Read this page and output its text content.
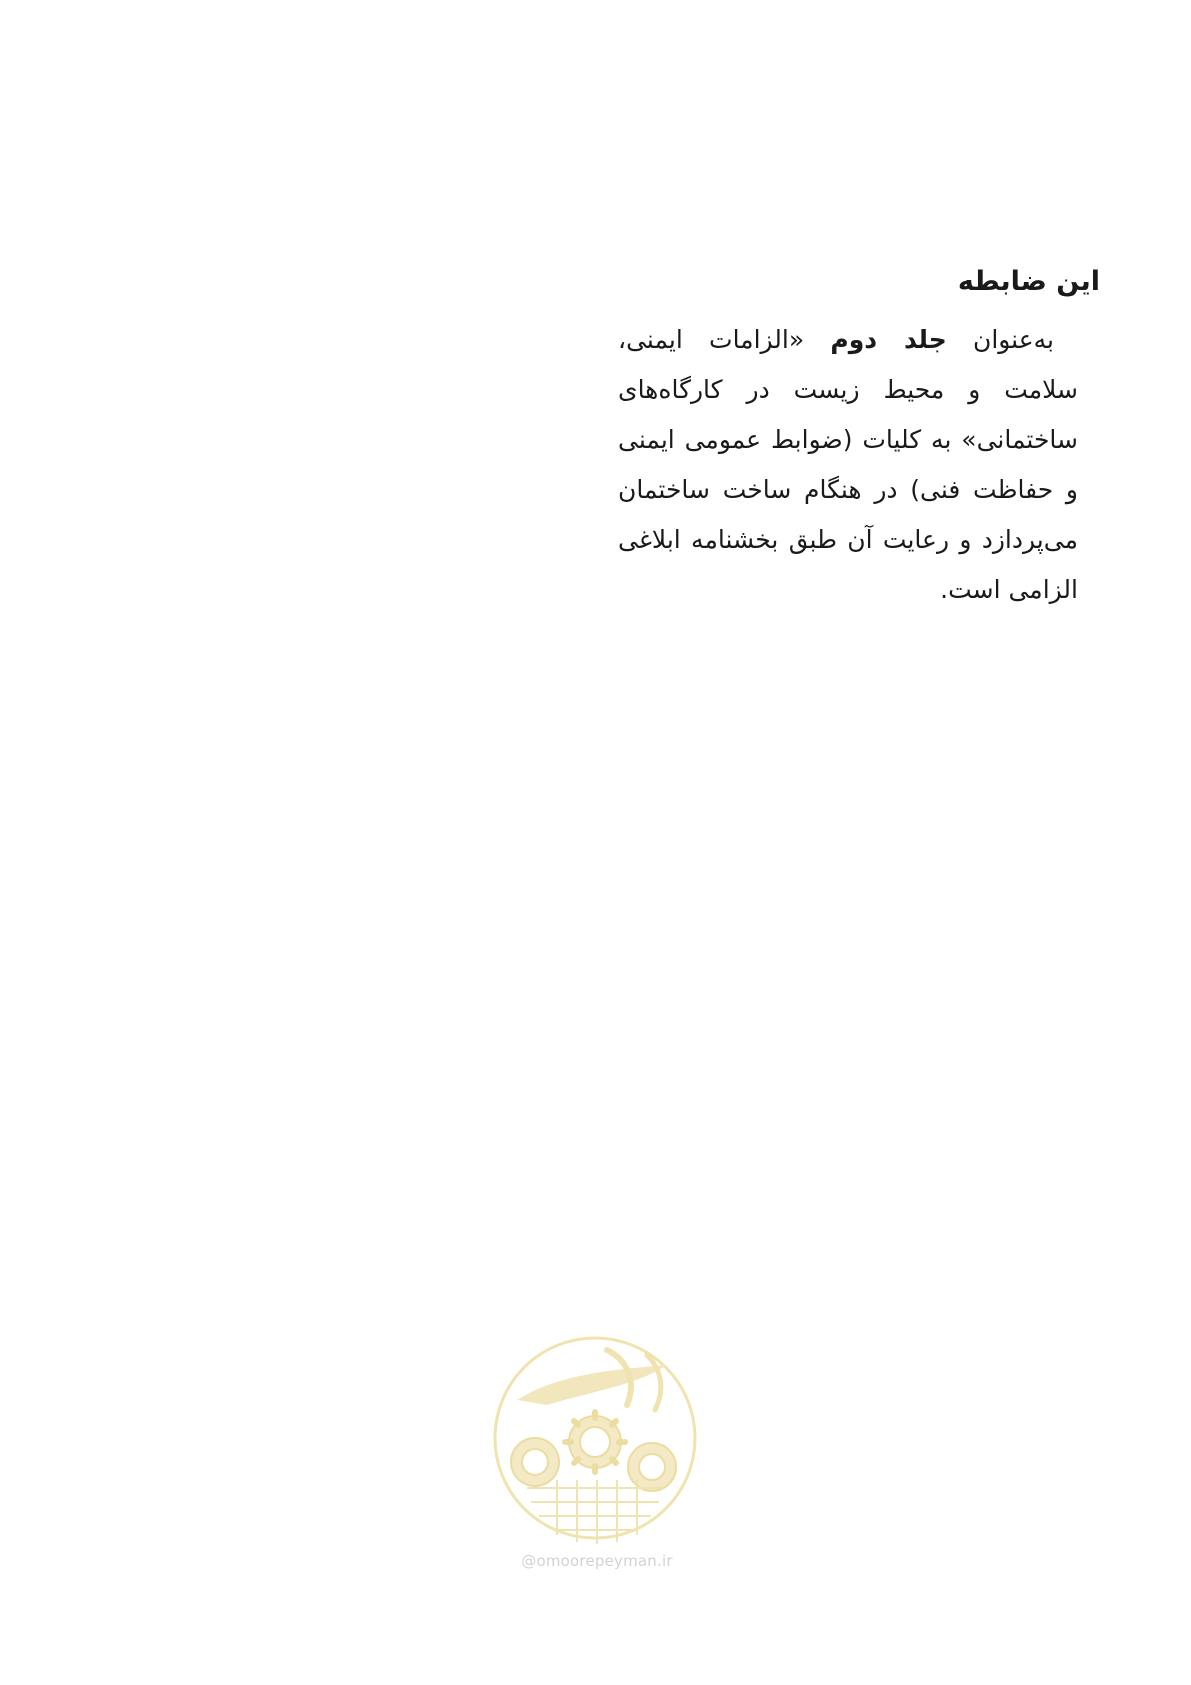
این ضابطه

به‌عنوان جلد دوم «الزامات ایمنی، سلامت و محیط زیست در کارگاه‌های ساختمانی» به کلیات (ضوابط عمومی ایمنی و حفاظت فنی) در هنگام ساخت ساختمان می‌پردازد و رعایت آن طبق بخشنامه ابلاغی الزامی است.

@omoorepeyman.ir
